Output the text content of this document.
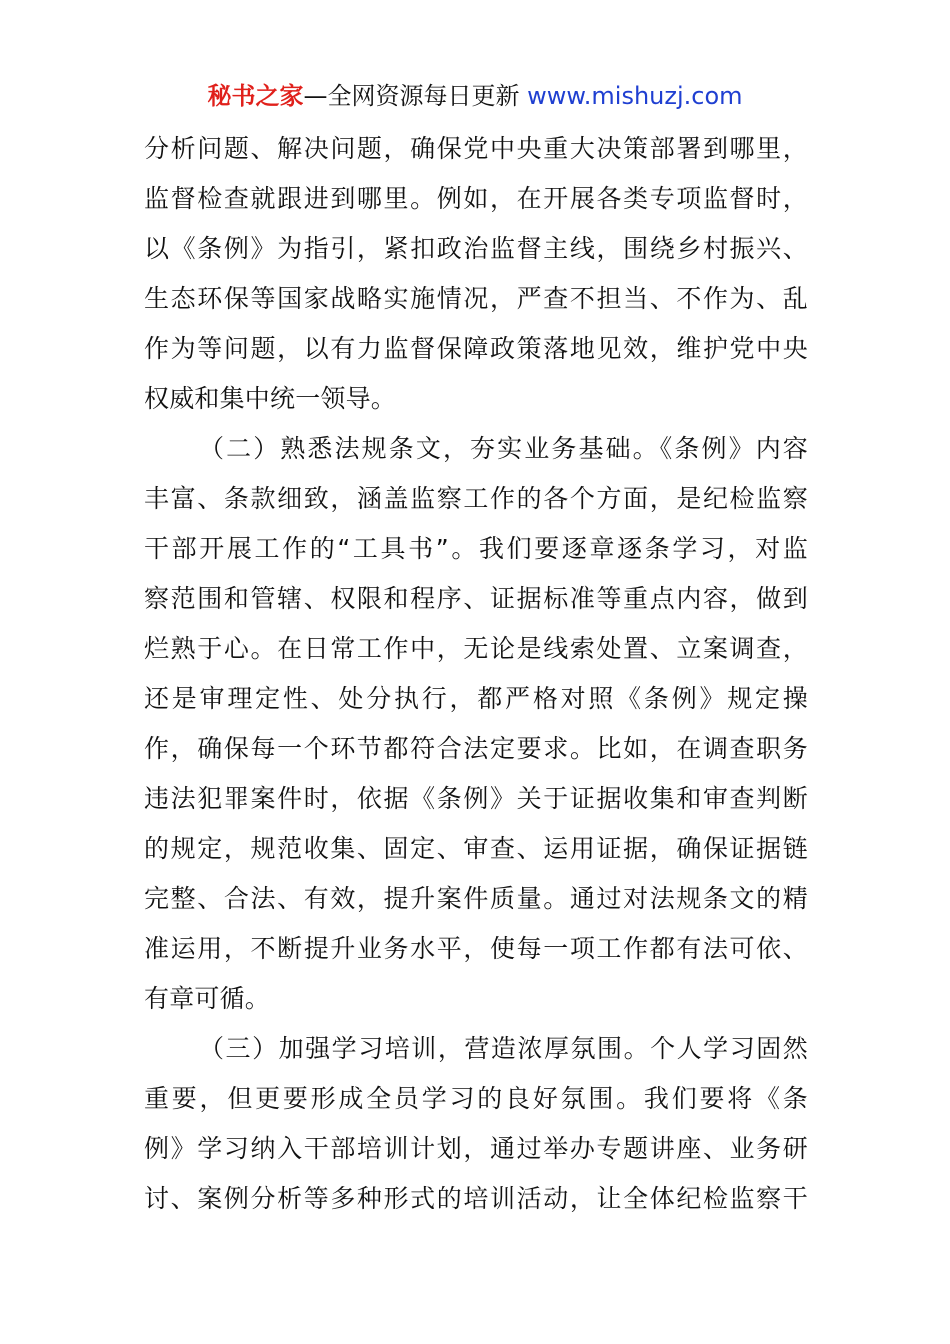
秘书之家—全网资源每日更新 www.mishuzj.com
分析问题、解决问题，确保党中央重大决策部署到哪里，
监督检查就跟进到哪里。例如，在开展各类专项监督时，
以《条例》为指引，紧扣政治监督主线，围绕乡村振兴、
生态环保等国家战略实施情况，严查不担当、不作为、乱
作为等问题，以有力监督保障政策落地见效，维护党中央
权威和集中统一领导。
（二）熟悉法规条文，夯实业务基础。《条例》内容
丰富、条款细致，涵盖监察工作的各个方面，是纪检监察
干部开展工作的“工具书”。我们要逐章逐条学习，对监
察范围和管辖、权限和程序、证据标准等重点内容，做到
烂熟于心。在日常工作中，无论是线索处置、立案调查，
还是审理定性、处分执行，都严格对照《条例》规定操
作，确保每一个环节都符合法定要求。比如，在调查职务
违法犯罪案件时，依据《条例》关于证据收集和审查判断
的规定，规范收集、固定、审查、运用证据，确保证据链
完整、合法、有效，提升案件质量。通过对法规条文的精
准运用，不断提升业务水平，使每一项工作都有法可依、
有章可循。
（三）加强学习培训，营造浓厚氛围。个人学习固然
重要，但更要形成全员学习的良好氛围。我们要将《条
例》学习纳入干部培训计划，通过举办专题讲座、业务研
讨、案例分析等多种形式的培训活动，让全体纪检监察干
